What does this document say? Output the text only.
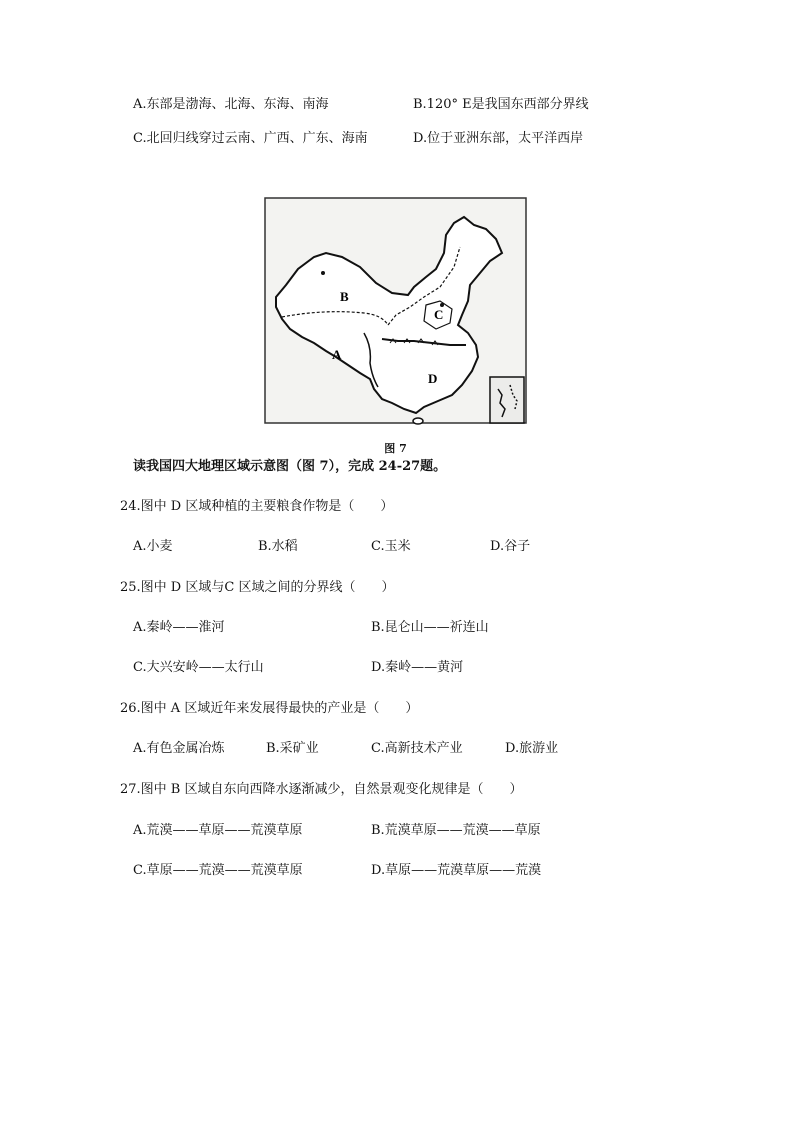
A.东部是渤海、北海、东海、南海	B.120° E是我国东西部分界线
C.北回归线穿过云南、广西、广东、海南	D.位于亚洲东部，太平洋西岸
B
A
C
D
图 7
读我国四大地理区域示意图（图 7），完成 24-27题。
24.图中 D 区域种植的主要粮食作物是（　　）
A.小麦	B.水稻	C.玉米	D.谷子
25.图中 D 区域与C 区域之间的分界线（　　）
A.秦岭——淮河	B.昆仑山——祈连山
C.大兴安岭——太行山	D.秦岭——黄河
26.图中 A 区域近年来发展得最快的产业是（　　）
A.有色金属冶炼	B.采矿业	C.高新技术产业	D.旅游业
27.图中 B 区域自东向西降水逐渐减少，自然景观变化规律是（　　）
A.荒漠——草原——荒漠草原	B.荒漠草原——荒漠——草原
C.草原——荒漠——荒漠草原	D.草原——荒漠草原——荒漠
